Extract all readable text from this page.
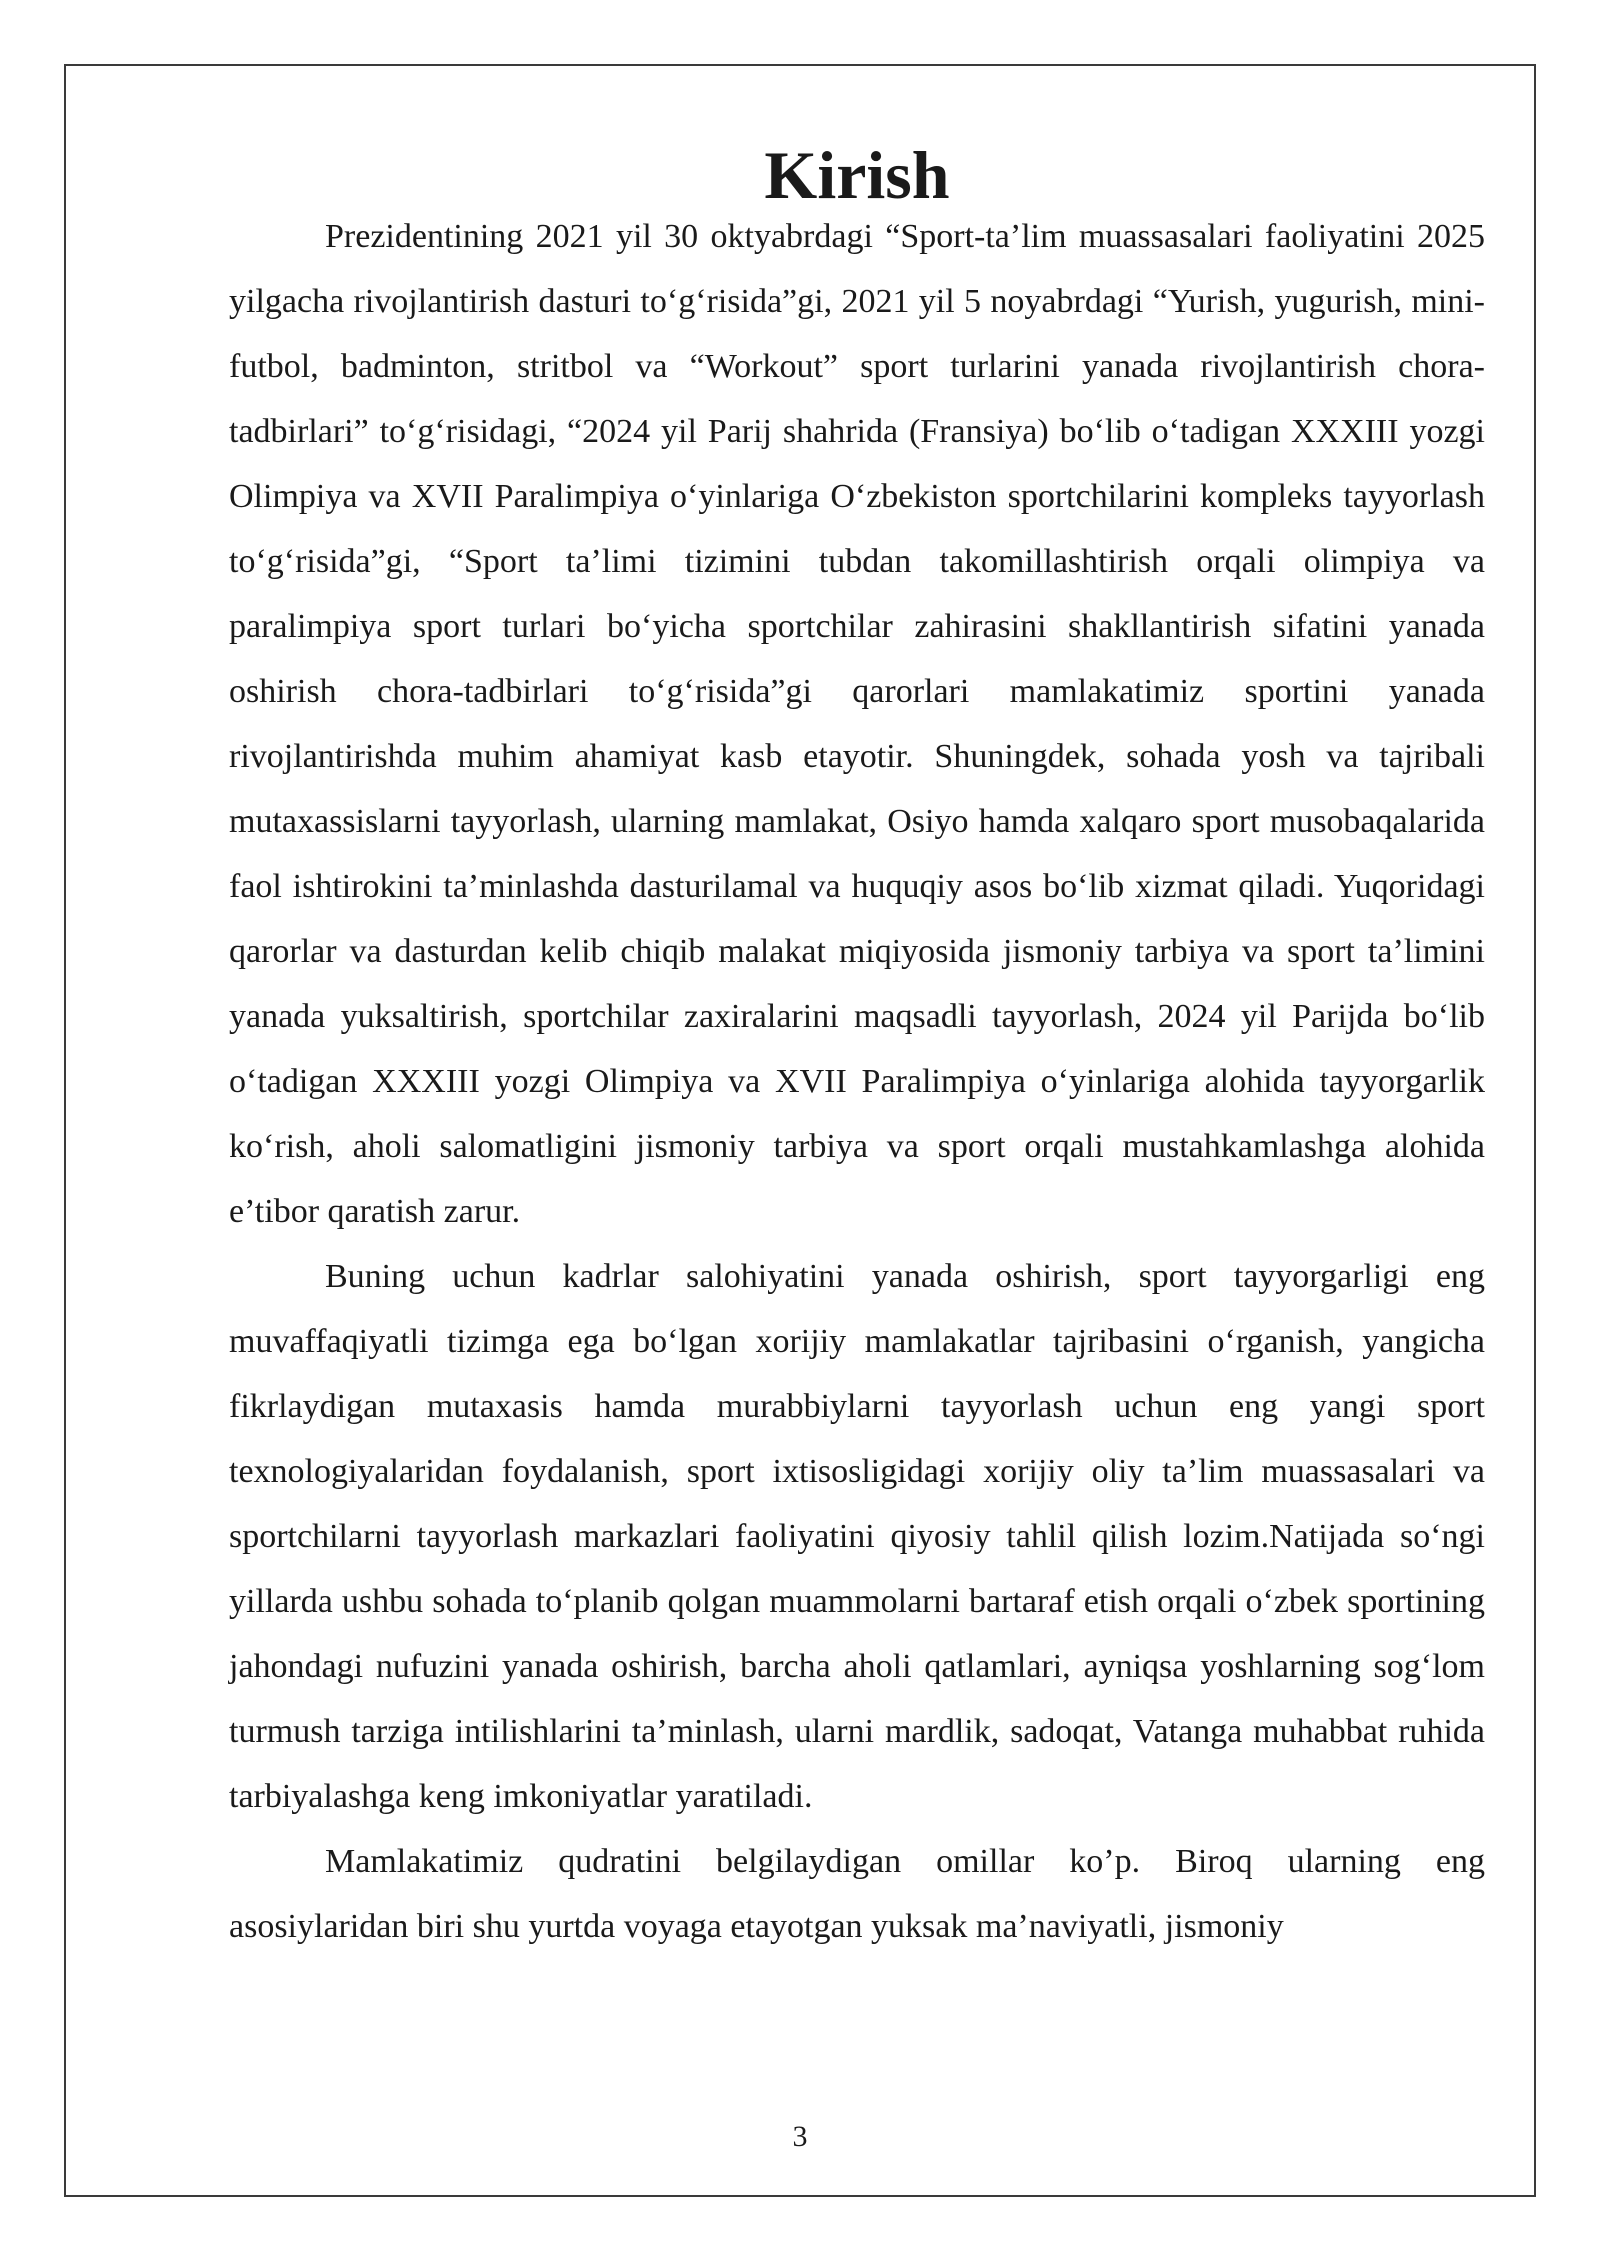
Kirish

Prezidentining 2021 yil 30 oktyabrdagi “Sport-ta’lim muassasalari faoliyatini 2025 yilgacha rivojlantirish dasturi to‘g‘risida”gi, 2021 yil 5 noyabrdagi “Yurish, yugurish, mini-futbol, badminton, stritbol va “Workout” sport turlarini yanada rivojlantirish chora-tadbirlari” to‘g‘risidagi, “2024 yil Parij shahrida (Fransiya) bo‘lib o‘tadigan XXXIII yozgi Olimpiya va XVII Paralimpiya o‘yinlariga O‘zbekiston sportchilarini kompleks tayyorlash to‘g‘risida”gi, “Sport ta’limi tizimini tubdan takomillashtirish orqali olimpiya va paralimpiya sport turlari bo‘yicha sportchilar zahirasini shakllantirish sifatini yanada oshirish chora-tadbirlari to‘g‘risida”gi qarorlari mamlakatimiz sportini yanada rivojlantirishda muhim ahamiyat kasb etayotir. Shuningdek, sohada yosh va tajribali mutaxassislarni tayyorlash, ularning mamlakat, Osiyo hamda xalqaro sport musobaqalarida faol ishtirokini ta’minlashda dasturilamal va huquqiy asos bo‘lib xizmat qiladi. Yuqoridagi qarorlar va dasturdan kelib chiqib malakat miqiyosida jismoniy tarbiya va sport ta’limini yanada yuksaltirish, sportchilar zaxiralarini maqsadli tayyorlash, 2024 yil Parijda bo‘lib o‘tadigan XXXIII yozgi Olimpiya va XVII Paralimpiya o‘yinlariga alohida tayyorgarlik ko‘rish, aholi salomatligini jismoniy tarbiya va sport orqali mustahkamlashga alohida e’tibor qaratish zarur.

Buning uchun kadrlar salohiyatini yanada oshirish, sport tayyorgarligi eng muvaffaqiyatli tizimga ega bo‘lgan xorijiy mamlakatlar tajribasini o‘rganish, yangicha fikrlaydigan mutaxasis hamda murabbiylarni tayyorlash uchun eng yangi sport texnologiyalaridan foydalanish, sport ixtisosligidagi xorijiy oliy ta’lim muassasalari va sportchilarni tayyorlash markazlari faoliyatini qiyosiy tahlil qilish lozim.Natijada so‘ngi yillarda ushbu sohada to‘planib qolgan muammolarni bartaraf etish orqali o‘zbek sportining jahondagi nufuzini yanada oshirish, barcha aholi qatlamlari, ayniqsa yoshlarning sog‘lom turmush tarziga intilishlarini ta’minlash, ularni mardlik, sadoqat, Vatanga muhabbat ruhida tarbiyalashga keng imkoniyatlar yaratiladi.

Mamlakatimiz qudratini belgilaydigan omillar ko’p. Biroq ularning eng asosiylaridan biri shu yurtda voyaga etayotgan yuksak ma’naviyatli, jismoniy

3
